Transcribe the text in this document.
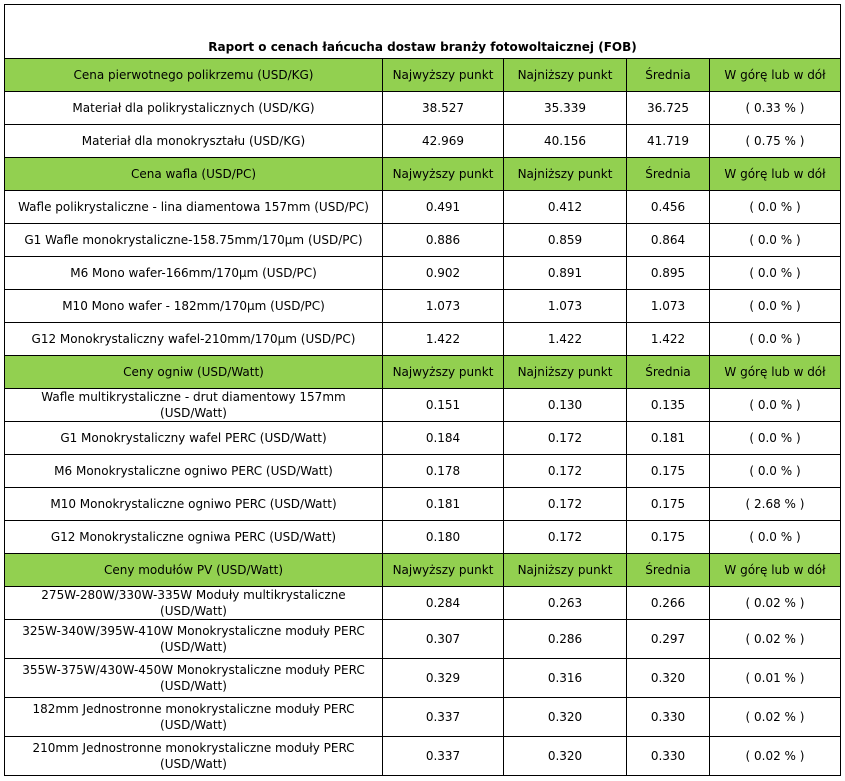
Raport o cenach łańcucha dostaw branży fotowoltaicznej (FOB)				
Cena pierwotnego polikrzemu (USD/KG)	Najwyższy punkt	Najniższy punkt	Średnia	W górę lub w dół
Materiał dla polikrystalicznych (USD/KG)	38.527	35.339	36.725	( 0.33 % )
Materiał dla monokryształu (USD/KG)	42.969	40.156	41.719	( 0.75 % )
Cena wafla (USD/PC)	Najwyższy punkt	Najniższy punkt	Średnia	W górę lub w dół
Wafle polikrystaliczne - lina diamentowa 157mm (USD/PC)	0.491	0.412	0.456	( 0.0 % )
G1 Wafle monokrystaliczne-158.75mm/170μm (USD/PC)	0.886	0.859	0.864	( 0.0 % )
M6 Mono wafer-166mm/170μm (USD/PC)	0.902	0.891	0.895	( 0.0 % )
M10 Mono wafer - 182mm/170μm (USD/PC)	1.073	1.073	1.073	( 0.0 % )
G12 Monokrystaliczny wafel-210mm/170μm (USD/PC)	1.422	1.422	1.422	( 0.0 % )
Ceny ogniw (USD/Watt)	Najwyższy punkt	Najniższy punkt	Średnia	W górę lub w dół
Wafle multikrystaliczne - drut diamentowy 157mm (USD/Watt)	0.151	0.130	0.135	( 0.0 % )
G1 Monokrystaliczny wafel PERC (USD/Watt)	0.184	0.172	0.181	( 0.0 % )
M6 Monokrystaliczne ogniwo PERC (USD/Watt)	0.178	0.172	0.175	( 0.0 % )
M10 Monokrystaliczne ogniwo PERC (USD/Watt)	0.181	0.172	0.175	( 2.68 % )
G12 Monokrystaliczne ogniwa PERC (USD/Watt)	0.180	0.172	0.175	( 0.0 % )
Ceny modułów PV (USD/Watt)	Najwyższy punkt	Najniższy punkt	Średnia	W górę lub w dół
275W-280W/330W-335W Moduły multikrystaliczne (USD/Watt)	0.284	0.263	0.266	( 0.02 % )
325W-340W/395W-410W Monokrystaliczne moduły PERC (USD/Watt)	0.307	0.286	0.297	( 0.02 % )
355W-375W/430W-450W Monokrystaliczne moduły PERC (USD/Watt)	0.329	0.316	0.320	( 0.01 % )
182mm Jednostronne monokrystaliczne moduły PERC (USD/Watt)	0.337	0.320	0.330	( 0.02 % )
210mm Jednostronne monokrystaliczne moduły PERC (USD/Watt)	0.337	0.320	0.330	( 0.02 % )
